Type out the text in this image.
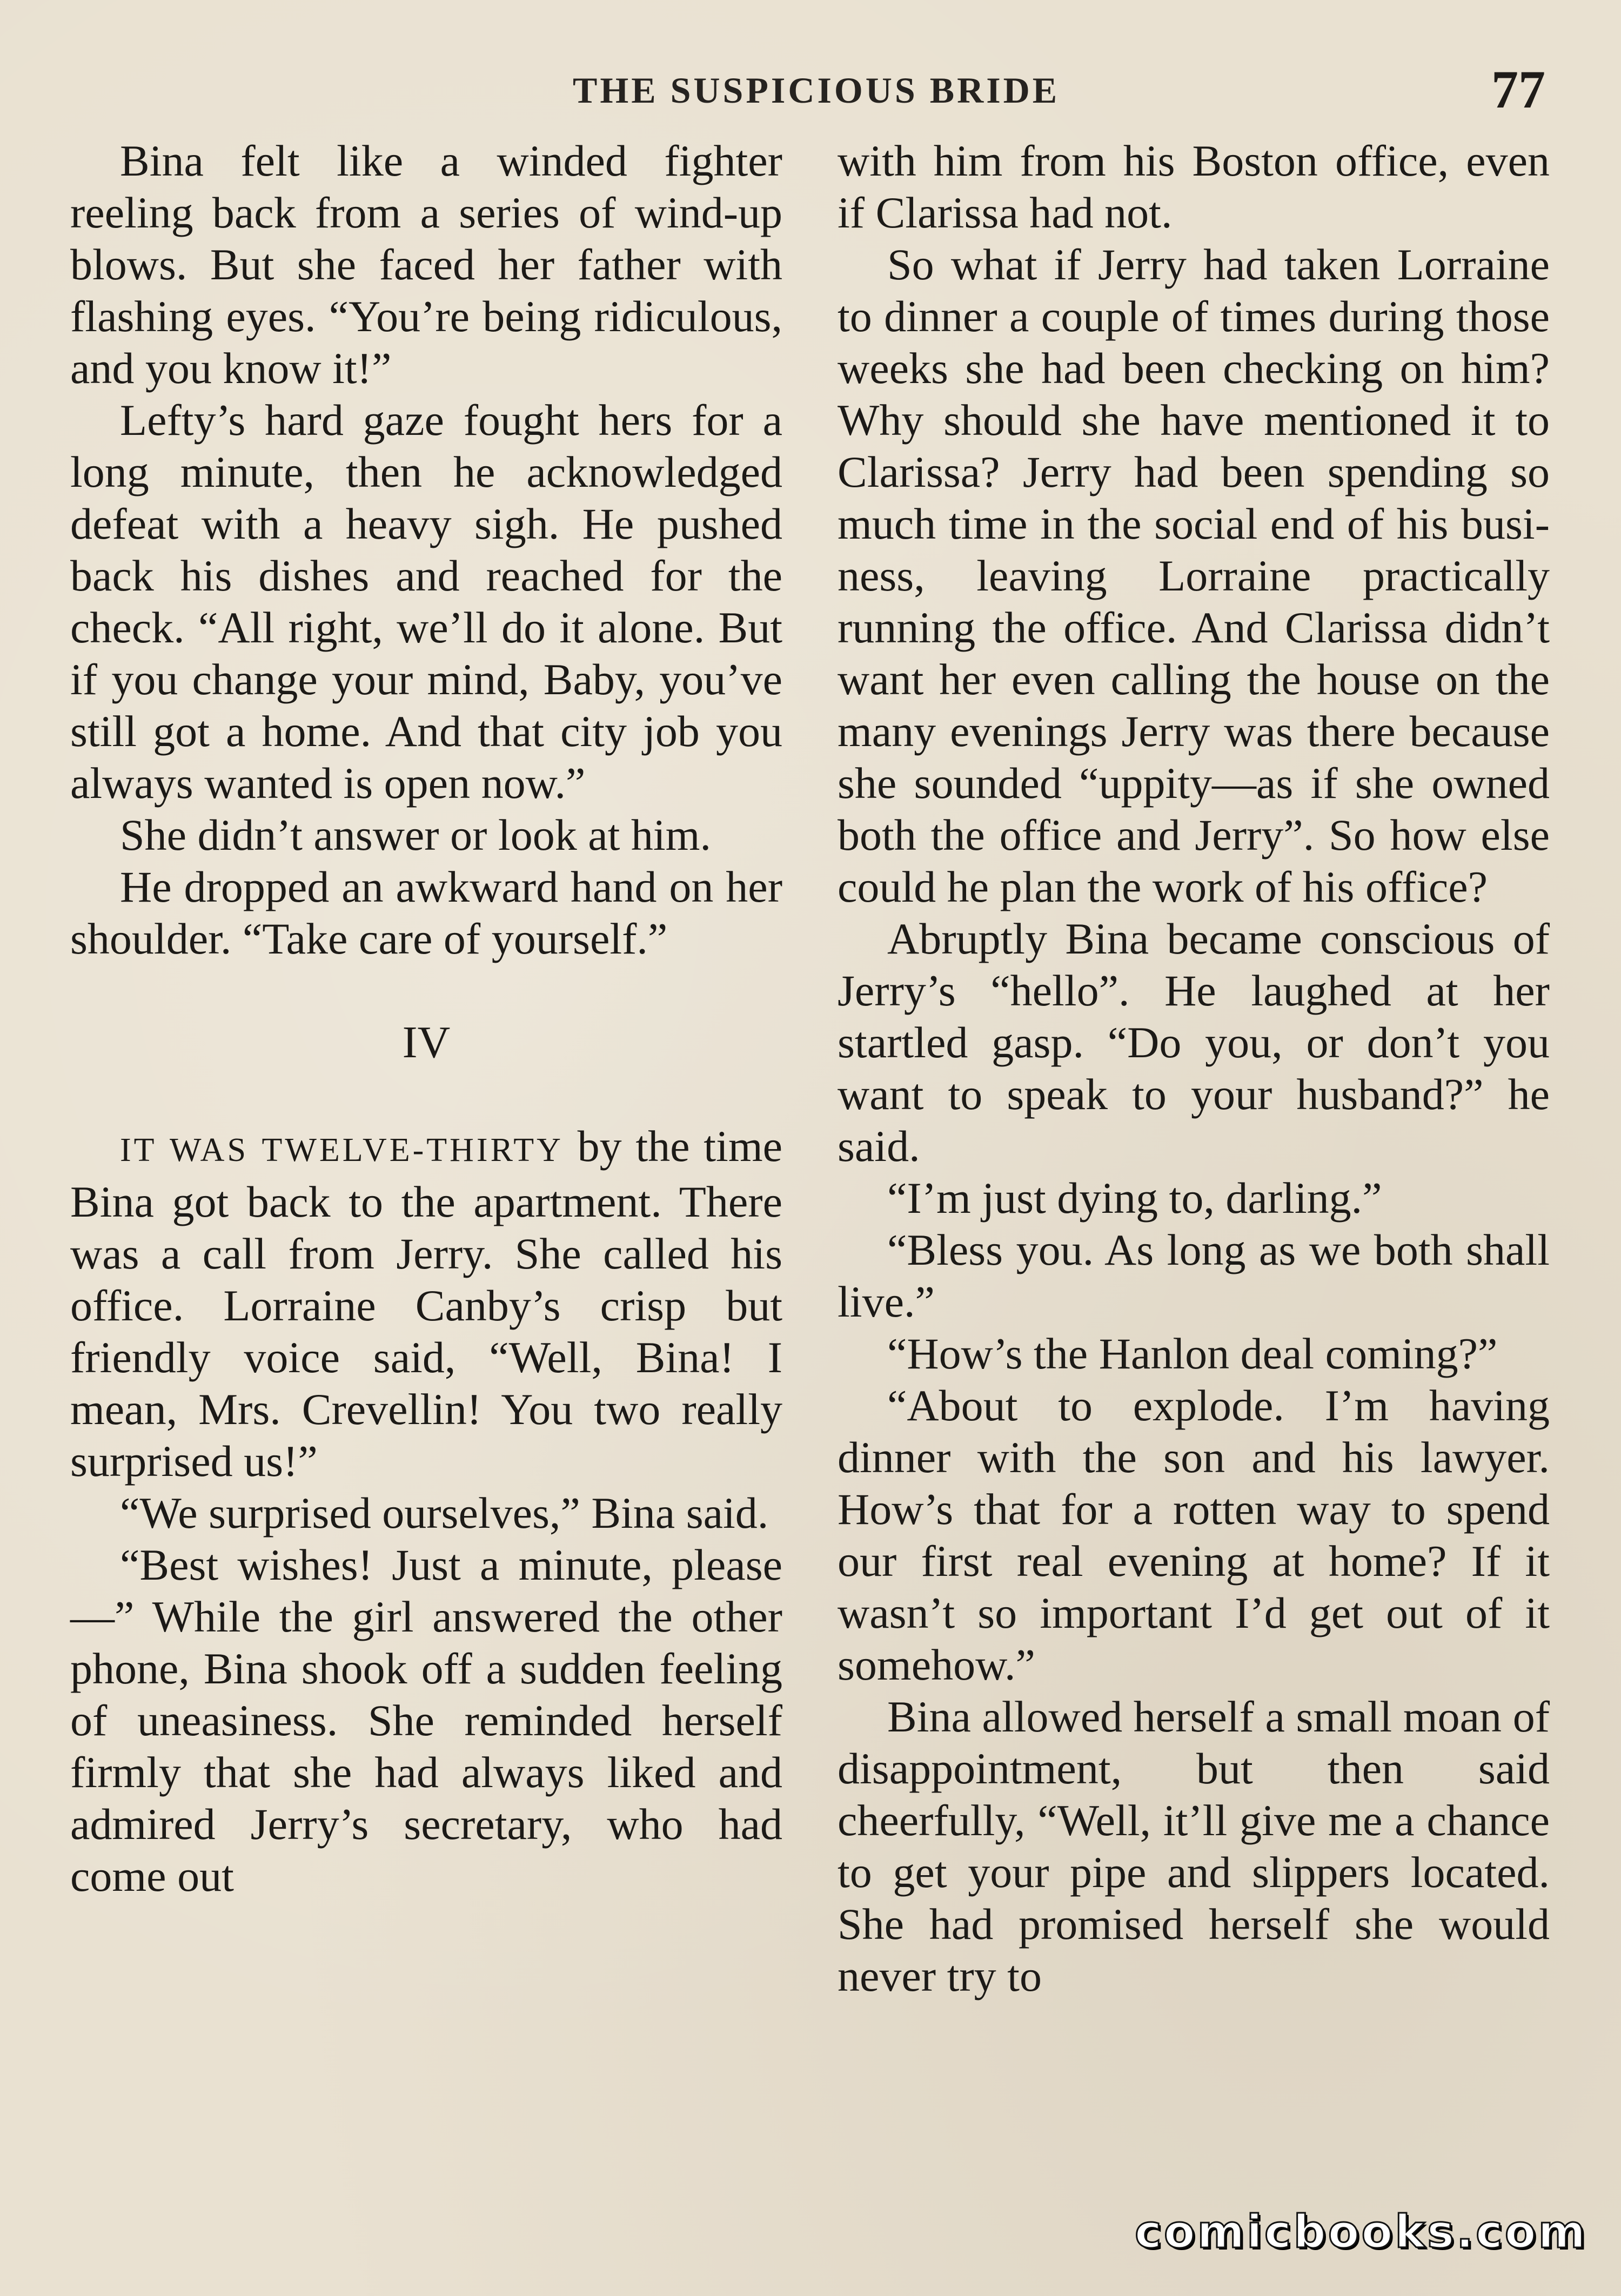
THE SUSPICIOUS BRIDE	77

Bina felt like a winded fighter reeling back from a series of wind-up blows. But she faced her father with flashing eyes. “You’re being ridiculous, and you know it!”

Lefty’s hard gaze fought hers for a long minute, then he acknowledged defeat with a heavy sigh. He pushed back his dishes and reached for the check. “All right, we’ll do it alone. But if you change your mind, Baby, you’ve still got a home. And that city job you always wanted is open now.”

She didn’t answer or look at him.

He dropped an awkward hand on her shoulder. “Take care of yourself.”

IV

IT WAS TWELVE-THIRTY by the time Bina got back to the apartment. There was a call from Jerry. She called his office. Lorraine Canby’s crisp but friendly voice said, “Well, Bina! I mean, Mrs. Crevellin! You two really surprised us!”

“We surprised ourselves,” Bina said.

“Best wishes! Just a minute, please—” While the girl answered the other phone, Bina shook off a sudden feeling of uneasiness. She reminded herself firmly that she had always liked and admired Jerry’s secretary, who had come out

with him from his Boston office, even if Clarissa had not.

So what if Jerry had taken Lorraine to dinner a couple of times during those weeks she had been checking on him? Why should she have mentioned it to Clarissa? Jerry had been spending so much time in the social end of his business, leaving Lorraine practically running the office. And Clarissa didn’t want her even calling the house on the many evenings Jerry was there because she sounded “uppity—as if she owned both the office and Jerry”. So how else could he plan the work of his office?

Abruptly Bina became conscious of Jerry’s “hello”. He laughed at her startled gasp. “Do you, or don’t you want to speak to your husband?” he said.

“I’m just dying to, darling.”

“Bless you. As long as we both shall live.”

“How’s the Hanlon deal coming?”

“About to explode. I’m having dinner with the son and his lawyer. How’s that for a rotten way to spend our first real evening at home? If it wasn’t so important I’d get out of it somehow.”

Bina allowed herself a small moan of disappointment, but then said cheerfully, “Well, it’ll give me a chance to get your pipe and slippers located. She had promised herself she would never try to

comicbooks.com
